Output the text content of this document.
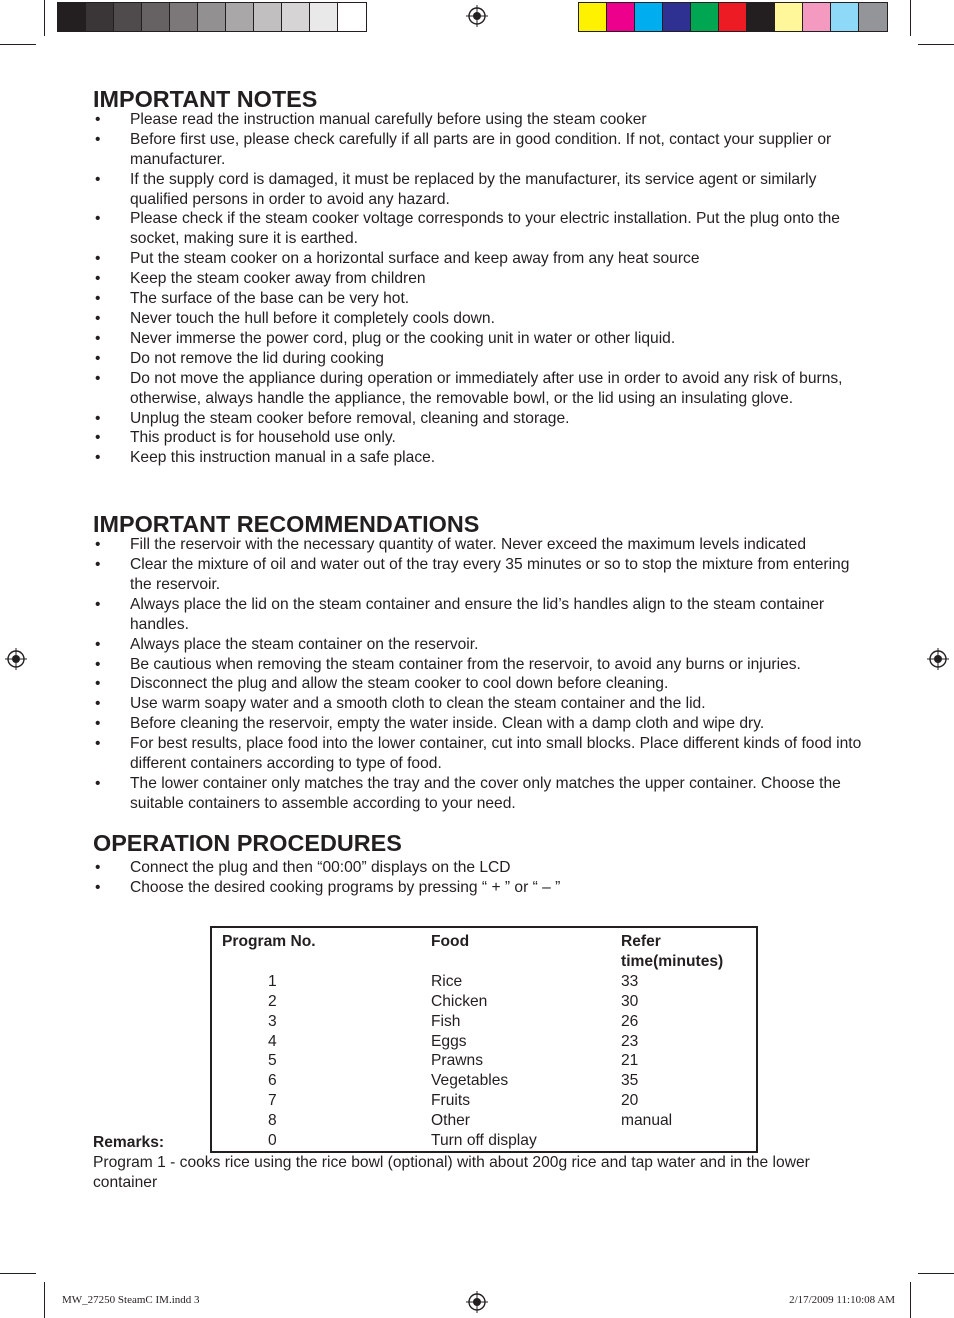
IMPORTANT NOTES
• Please read the instruction manual carefully before using the steam cooker
• Before first use, please check carefully if all parts are in good condition. If not, contact your supplier or manufacturer.
• If the supply cord is damaged, it must be replaced by the manufacturer, its service agent or similarly qualified persons in order to avoid any hazard.
• Please check if the steam cooker voltage corresponds to your electric installation. Put the plug onto the socket, making sure it is earthed.
• Put the steam cooker on a horizontal surface and keep away from any heat source
• Keep the steam cooker away from children
• The surface of the base can be very hot.
• Never touch the hull before it completely cools down.
• Never immerse the power cord, plug or the cooking unit in water or other liquid.
• Do not remove the lid during cooking
• Do not move the appliance during operation or immediately after use in order to avoid any risk of burns, otherwise, always handle the appliance, the removable bowl, or the lid using an insulating glove.
• Unplug the steam cooker before removal, cleaning and storage.
• This product is for household use only.
• Keep this instruction manual in a safe place.
IMPORTANT RECOMMENDATIONS
• Fill the reservoir with the necessary quantity of water. Never exceed the maximum levels indicated
• Clear the mixture of oil and water out of the tray every 35 minutes or so to stop the mixture from entering the reservoir.
• Always place the lid on the steam container and ensure the lid’s handles align to the steam container handles.
• Always place the steam container on the reservoir.
• Be cautious when removing the steam container from the reservoir, to avoid any burns or injuries.
• Disconnect the plug and allow the steam cooker to cool down before cleaning.
• Use warm soapy water and a smooth cloth to clean the steam container and the lid.
• Before cleaning the reservoir, empty the water inside. Clean with a damp cloth and wipe dry.
• For best results, place food into the lower container, cut into small blocks. Place different kinds of food into different containers according to type of food.
• The lower container only matches the tray and the cover only matches the upper container. Choose the suitable containers to assemble according to your need.
OPERATION PROCEDURES
• Connect the plug and then “00:00” displays on the LCD
• Choose the desired cooking programs by pressing “ + ” or “ – ”
Program No.	Food	Refer time(minutes)
1	Rice	33
2	Chicken	30
3	Fish	26
4	Eggs	23
5	Prawns	21
6	Vegetables	35
7	Fruits	20
8	Other	manual
0	Turn off display	
Remarks:
Program 1 - cooks rice using the rice bowl (optional) with about 200g rice and tap water and in the lower container
MW_27250 SteamC IM.indd 3	2/17/2009 11:10:08 AM
